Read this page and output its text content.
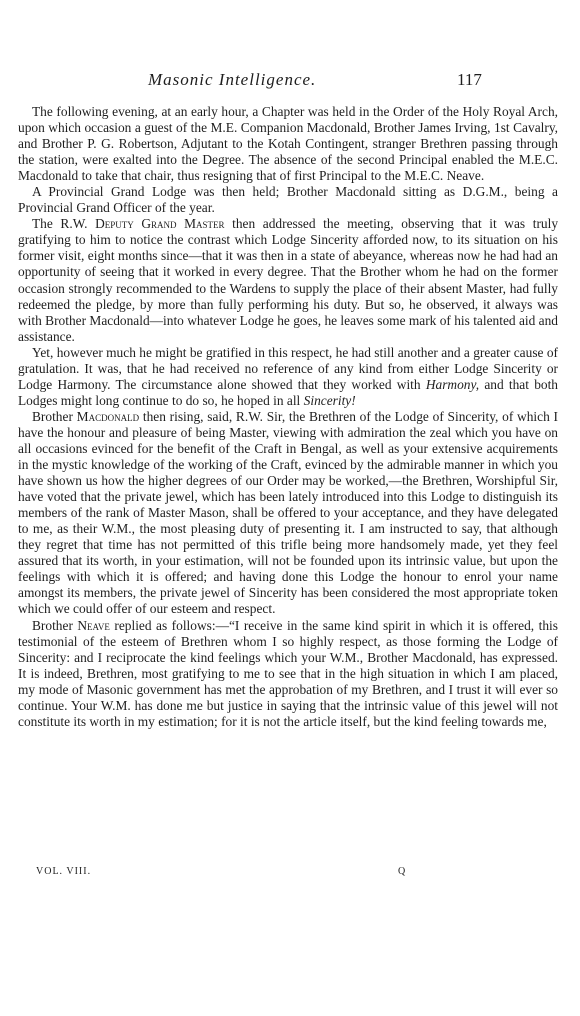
Masonic Intelligence.	117

The following evening, at an early hour, a Chapter was held in the Order of the Holy Royal Arch, upon which occasion a guest of the M.E. Companion Macdonald, Brother James Irving, 1st Cavalry, and Brother P. G. Robertson, Adjutant to the Kotah Contingent, stranger Brethren passing through the station, were exalted into the Degree. The absence of the second Principal enabled the M.E.C. Macdonald to take that chair, thus resigning that of first Principal to the M.E.C. Neave.

A Provincial Grand Lodge was then held; Brother Macdonald sitting as D.G.M., being a Provincial Grand Officer of the year.

The R.W. Deputy Grand Master then addressed the meeting, observing that it was truly gratifying to him to notice the contrast which Lodge Sincerity afforded now, to its situation on his former visit, eight months since—that it was then in a state of abeyance, whereas now he had had an opportunity of seeing that it worked in every degree. That the Brother whom he had on the former occasion strongly recommended to the Wardens to supply the place of their absent Master, had fully redeemed the pledge, by more than fully performing his duty. But so, he observed, it always was with Brother Macdonald—into whatever Lodge he goes, he leaves some mark of his talented aid and assistance.

Yet, however much he might be gratified in this respect, he had still another and a greater cause of gratulation. It was, that he had received no reference of any kind from either Lodge Sincerity or Lodge Harmony. The circumstance alone showed that they worked with Harmony, and that both Lodges might long continue to do so, he hoped in all Sincerity!

Brother Macdonald then rising, said, R.W. Sir, the Brethren of the Lodge of Sincerity, of which I have the honour and pleasure of being Master, viewing with admiration the zeal which you have on all occasions evinced for the benefit of the Craft in Bengal, as well as your extensive acquirements in the mystic knowledge of the working of the Craft, evinced by the admirable manner in which you have shown us how the higher degrees of our Order may be worked,—the Brethren, Worshipful Sir, have voted that the private jewel, which has been lately introduced into this Lodge to distinguish its members of the rank of Master Mason, shall be offered to your acceptance, and they have delegated to me, as their W.M., the most pleasing duty of presenting it. I am instructed to say, that although they regret that time has not permitted of this trifle being more handsomely made, yet they feel assured that its worth, in your estimation, will not be founded upon its intrinsic value, but upon the feelings with which it is offered; and having done this Lodge the honour to enrol your name amongst its members, the private jewel of Sincerity has been considered the most appropriate token which we could offer of our esteem and respect.

Brother Neave replied as follows:—“I receive in the same kind spirit in which it is offered, this testimonial of the esteem of Brethren whom I so highly respect, as those forming the Lodge of Sincerity: and I reciprocate the kind feelings which your W.M., Brother Macdonald, has expressed. It is indeed, Brethren, most gratifying to me to see that in the high situation in which I am placed, my mode of Masonic government has met the approbation of my Brethren, and I trust it will ever so continue. Your W.M. has done me but justice in saying that the intrinsic value of this jewel will not constitute its worth in my estimation; for it is not the article itself, but the kind feeling towards me,

VOL. VIII.	Q
